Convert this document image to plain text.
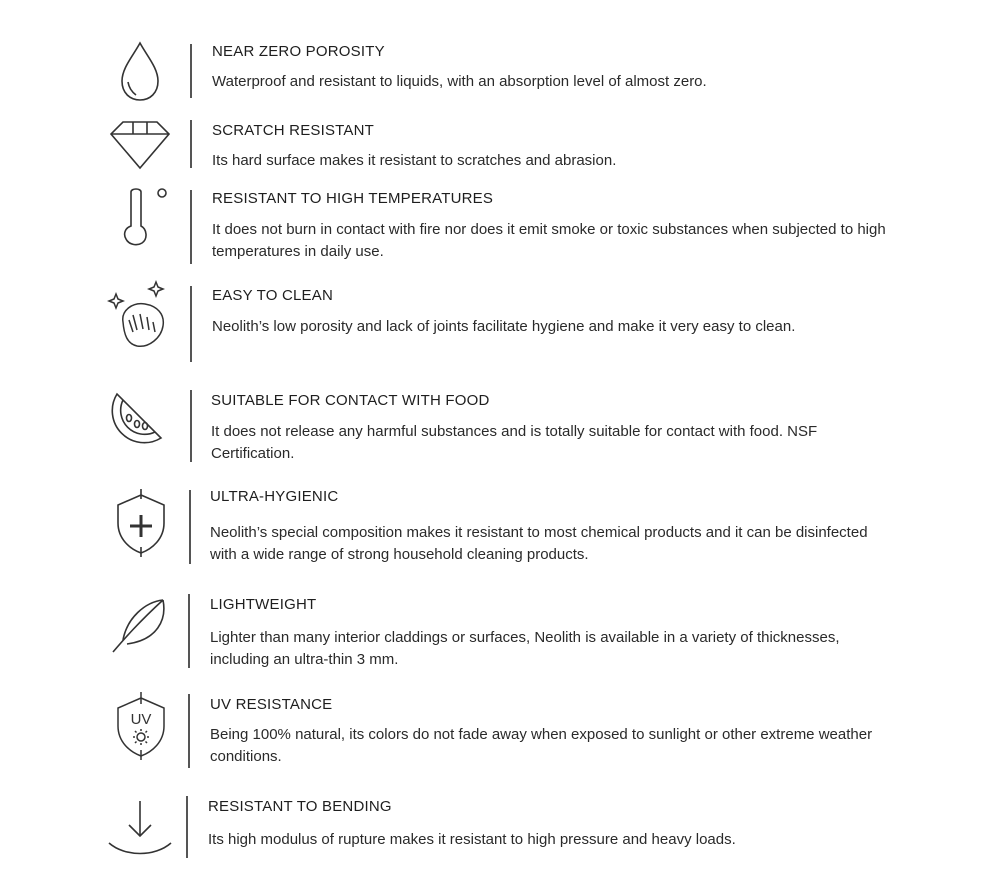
NEAR ZERO POROSITY
Waterproof and resistant to liquids, with an absorption level of almost zero.
SCRATCH RESISTANT
Its hard surface makes it resistant to scratches and abrasion.
RESISTANT TO HIGH TEMPERATURES
It does not burn in contact with fire nor does it emit smoke or toxic substances when subjected to high temperatures in daily use.
EASY TO CLEAN
Neolith’s low porosity and lack of joints facilitate hygiene and make it very easy to clean.
SUITABLE FOR CONTACT WITH FOOD
It does not release any harmful substances and is totally suitable for contact with food. NSF Certification.
ULTRA-HYGIENIC
Neolith’s special composition makes it resistant to most chemical products and it can be disinfected with a wide range of strong household cleaning products.
LIGHTWEIGHT
Lighter than many interior claddings or surfaces, Neolith is available in a variety of thicknesses, including an ultra-thin 3 mm.
UV
UV RESISTANCE
Being 100% natural, its colors do not fade away when exposed to sunlight or other extreme weather conditions.
RESISTANT TO BENDING
Its high modulus of rupture makes it resistant to high pressure and heavy loads.
